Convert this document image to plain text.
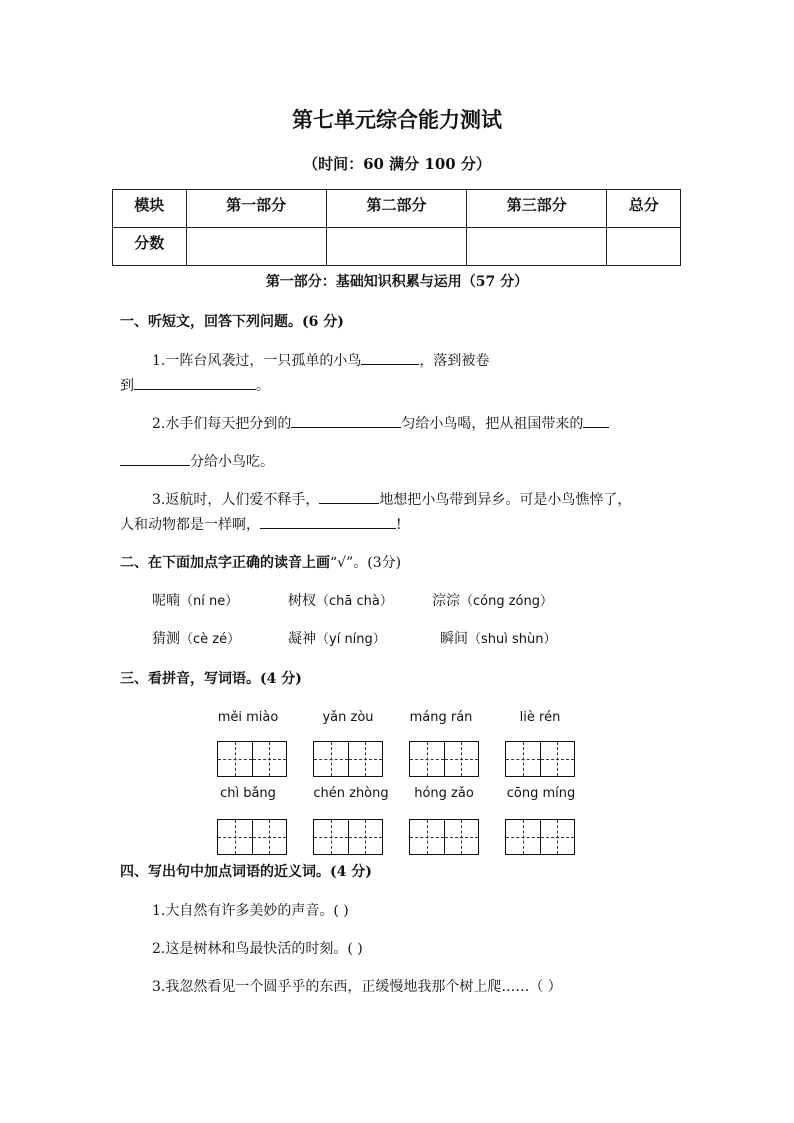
第七单元综合能力测试
（时间：60 满分 100 分）
模块	第一部分	第二部分	第三部分	总分
分数				
第一部分：基础知识积累与运用（57 分）
一、听短文，回答下列问题。(6 分)
1.一阵台风袭过，一只孤单的小鸟	，落到被卷
到	。
2.水手们每天把分到的	匀给小鸟喝，把从祖国带来的
分给小鸟吃。
3.返航时，人们爱不释手，	地想把小鸟带到异乡。可是小鸟憔悴了，
人和动物都是一样啊，	!
二、在下面加点字正确的读音上画“√”。(3分)
呢喃（ní ne）	树杈（chā chà）	淙淙（cóng zóng）
猜测（cè zé）	凝神（yí níng）	瞬间（shuì shùn）
三、看拼音，写词语。(4 分)
měi miào	yǎn zòu	máng rán	liè rén
chì bǎng	chén zhòng	hóng zǎo	cōng míng
四、写出句中加点词语的近义词。(4 分)
1.大自然有许多美妙的声音。( )
2.这是树林和鸟最快活的时刻。( )
3.我忽然看见一个圆乎乎的东西，正缓慢地我那个树上爬……（ ）
